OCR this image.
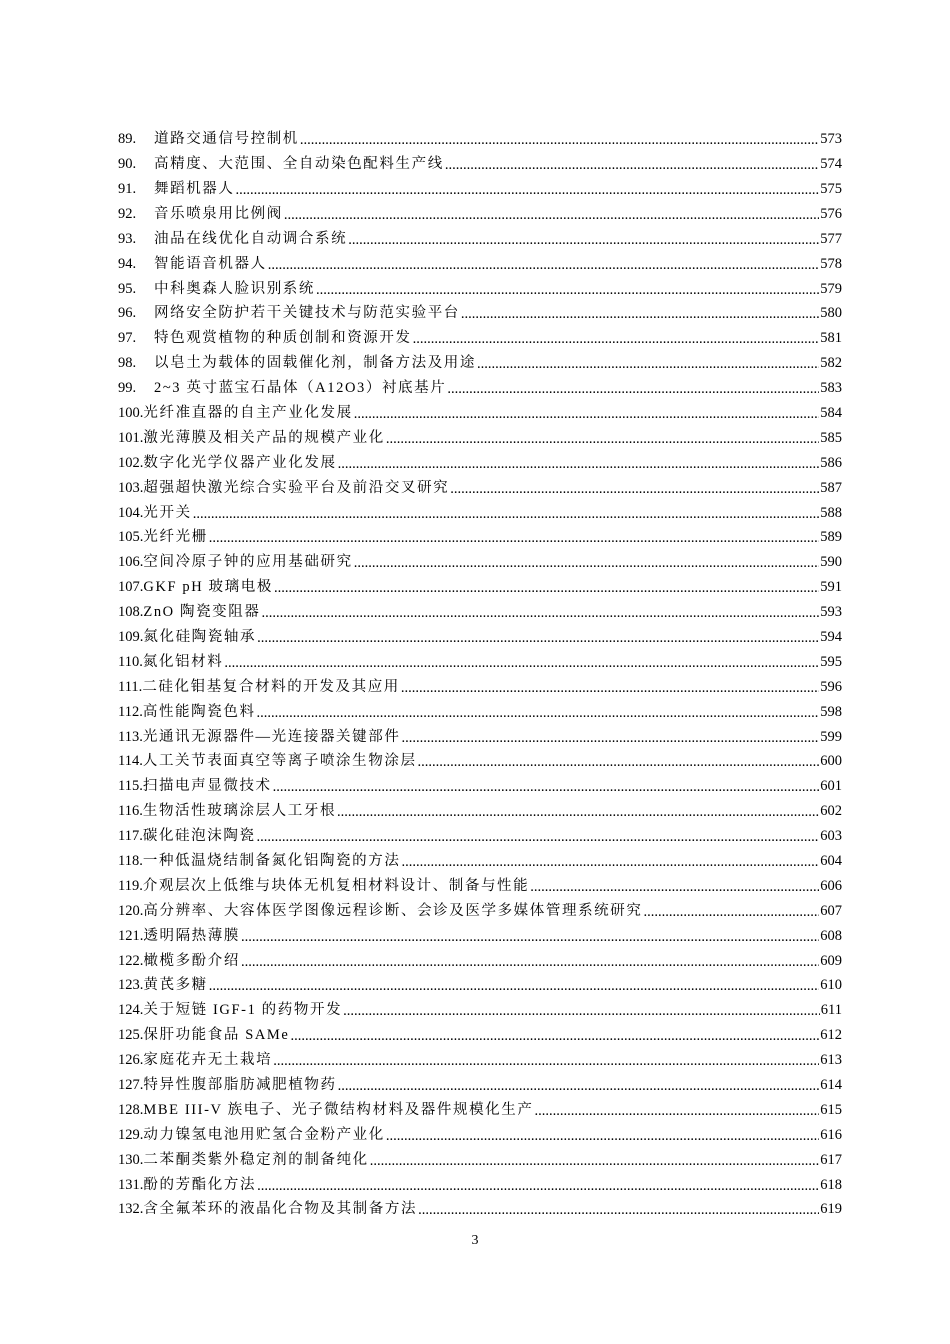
89.	道路交通信号控制机 .....	573
90.	高精度、大范围、全自动染色配料生产线 .....	574
91.	舞蹈机器人 .....	575
92.	音乐喷泉用比例阀 .....	576
93.	油品在线优化自动调合系统 .....	577
94.	智能语音机器人 .....	578
95.	中科奥森人脸识别系统 .....	579
96.	网络安全防护若干关键技术与防范实验平台 .....	580
97.	特色观赏植物的种质创制和资源开发 .....	581
98.	以皂土为载体的固载催化剂，制备方法及用途 .....	582
99.	2~3 英寸蓝宝石晶体（A12O3）衬底基片 .....	583
100. 光纤准直器的自主产业化发展 .....	584
101. 激光薄膜及相关产品的规模产业化 .....	585
102. 数字化光学仪器产业化发展 .....	586
103. 超强超快激光综合实验平台及前沿交叉研究 .....	587
104. 光开关 .....	588
105. 光纤光栅 .....	589
106. 空间冷原子钟的应用基础研究 .....	590
107. GKF pH 玻璃电极 .....	591
108. ZnO 陶瓷变阻器 .....	593
109. 氮化硅陶瓷轴承 .....	594
110. 氮化铝材料 .....	595
111. 二硅化钼基复合材料的开发及其应用 .....	596
112. 高性能陶瓷色料 .....	598
113. 光通讯无源器件—光连接器关键部件 .....	599
114. 人工关节表面真空等离子喷涂生物涂层 .....	600
115. 扫描电声显微技术 .....	601
116. 生物活性玻璃涂层人工牙根 .....	602
117. 碳化硅泡沫陶瓷 .....	603
118. 一种低温烧结制备氮化铝陶瓷的方法 .....	604
119. 介观层次上低维与块体无机复相材料设计、制备与性能 .....	606
120. 高分辨率、大容体医学图像远程诊断、会诊及医学多媒体管理系统研究 .....	607
121. 透明隔热薄膜 .....	608
122. 橄榄多酚介绍 .....	609
123. 黄芪多糖 .....	610
124. 关于短链 IGF-1 的药物开发 .....	611
125. 保肝功能食品 SAMe .....	612
126. 家庭花卉无土栽培 .....	613
127. 特异性腹部脂肪减肥植物药 .....	614
128. MBE III-V 族电子、光子微结构材料及器件规模化生产 .....	615
129. 动力镍氢电池用贮氢合金粉产业化 .....	616
130. 二苯酮类紫外稳定剂的制备纯化 .....	617
131. 酚的芳酯化方法 .....	618
132. 含全氟苯环的液晶化合物及其制备方法 .....	619
3
